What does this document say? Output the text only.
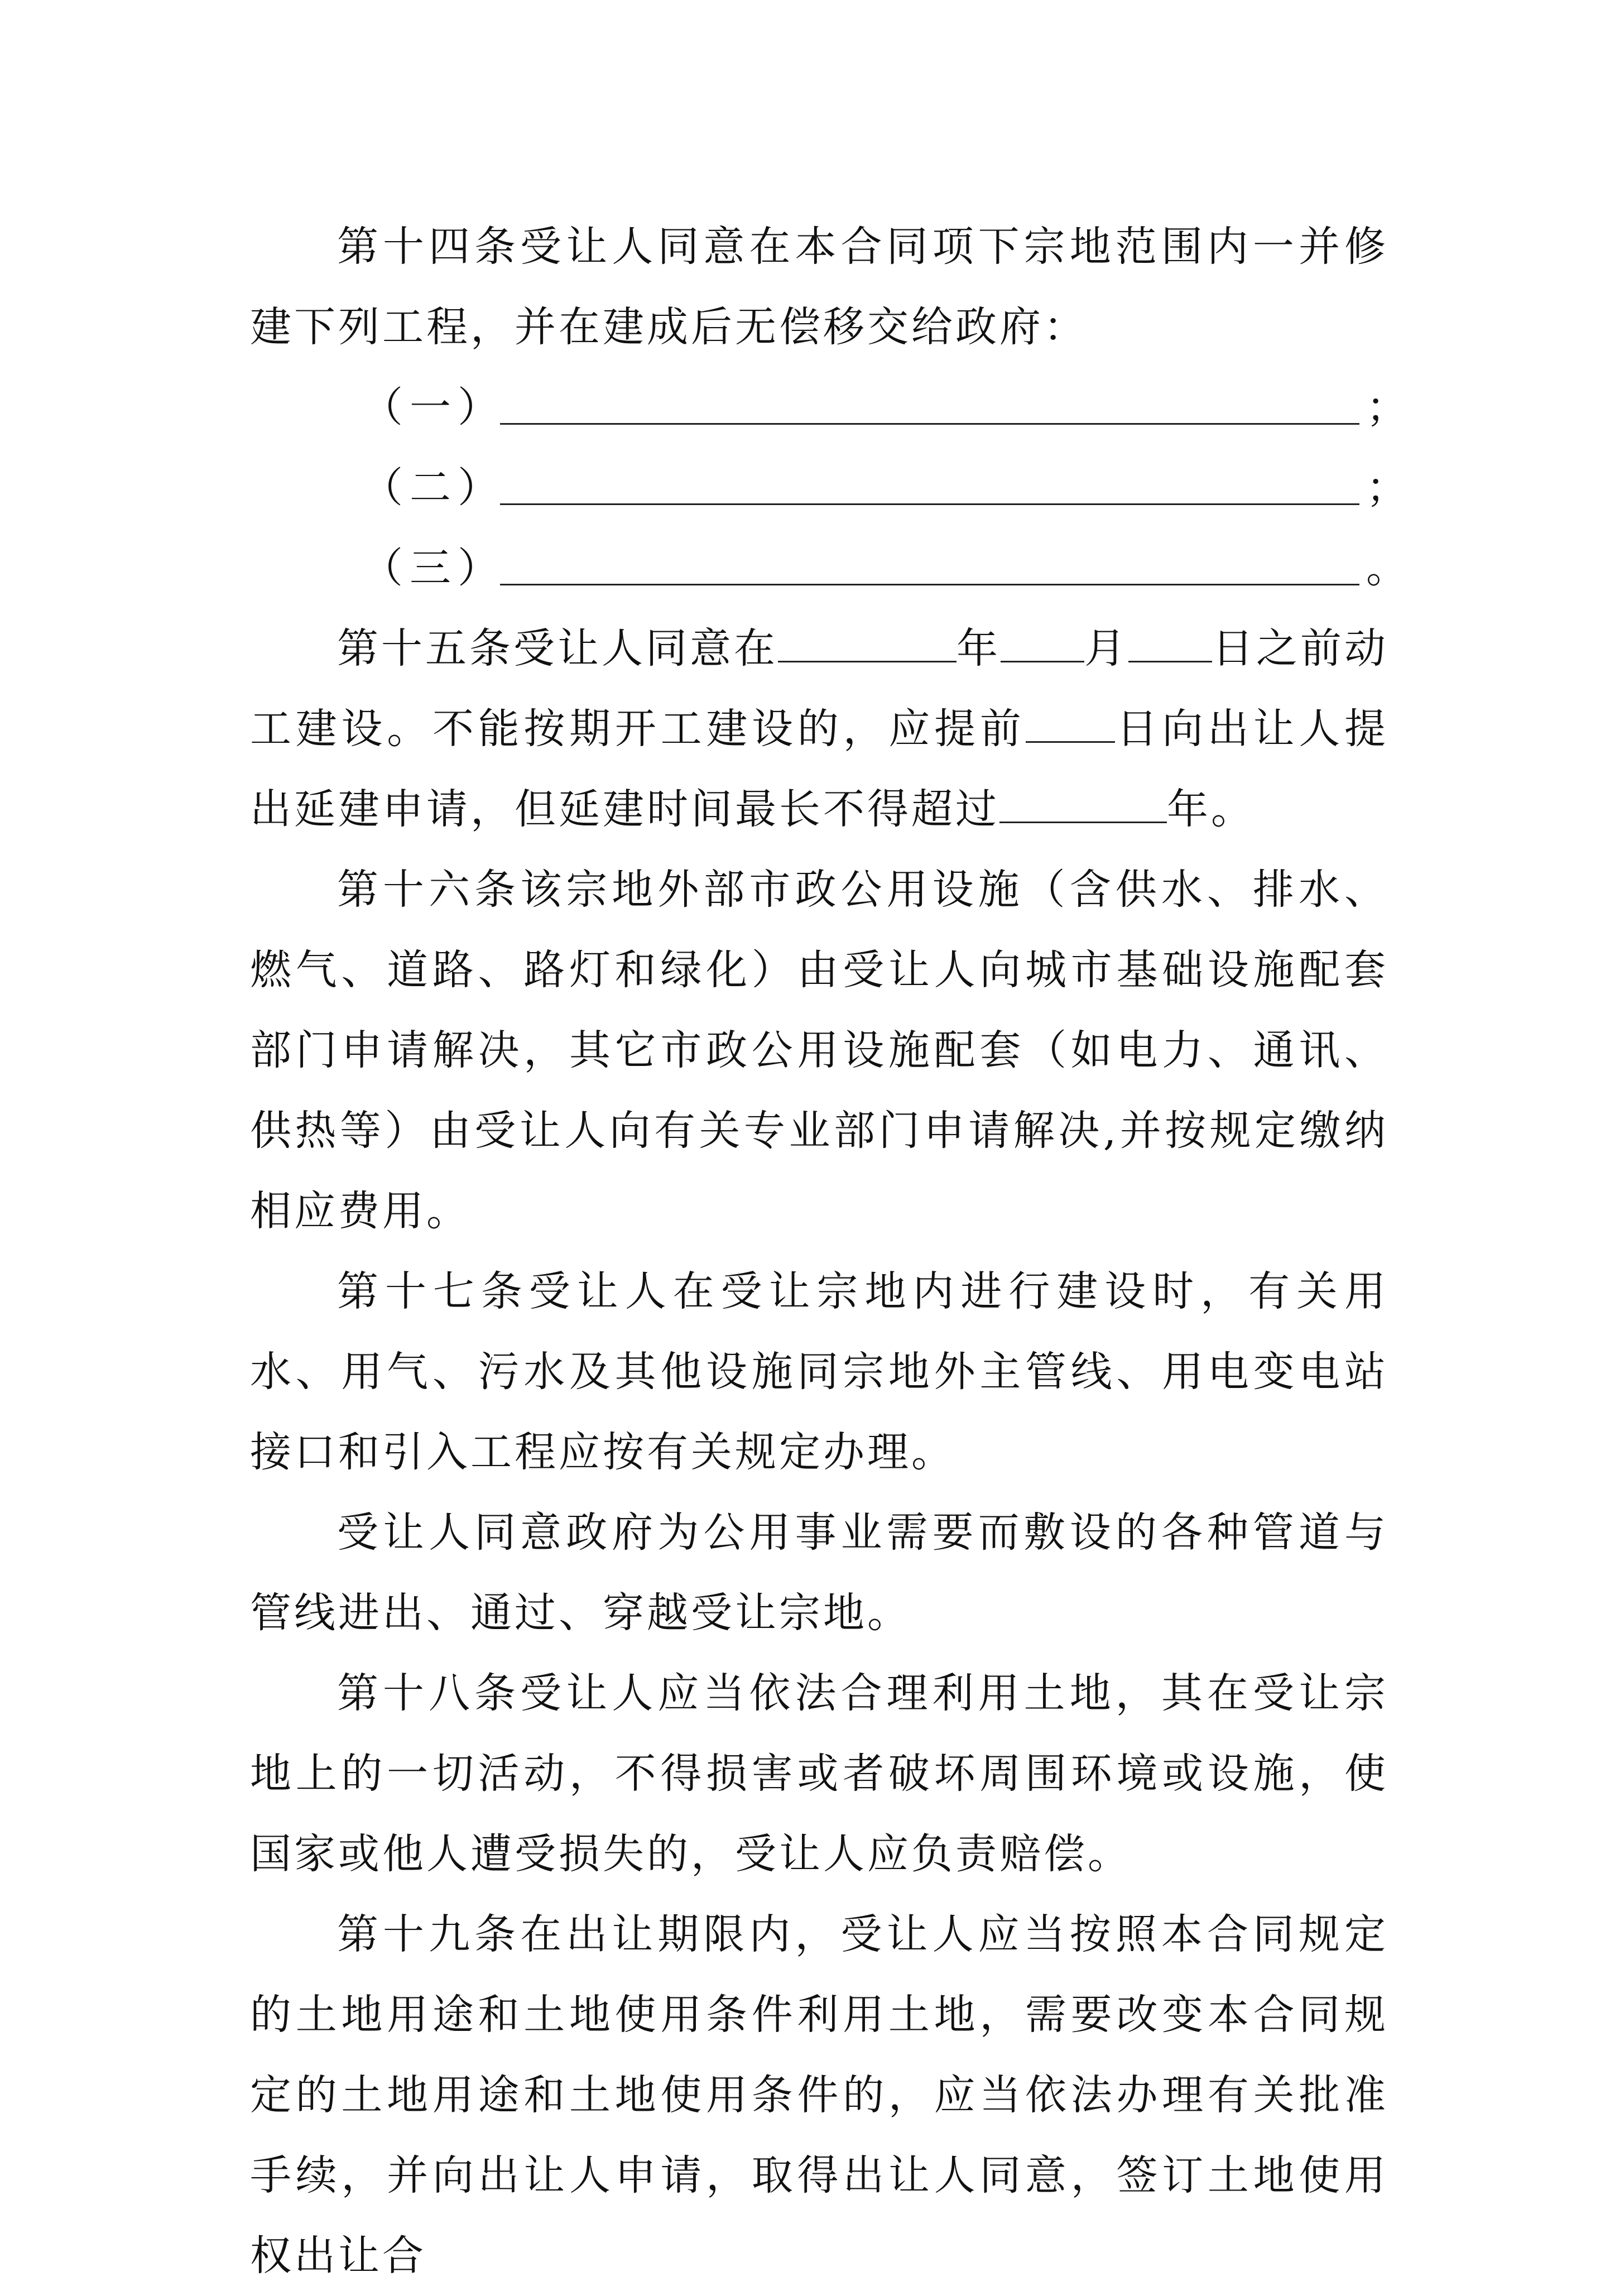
第十四条受让人同意在本合同项下宗地范围内一并修建下列工程，并在建成后无偿移交给政府：

（一）	；
（二）	；
（三）	。

第十五条受让人同意在	年 月 日之前动工建设。不能按期开工建设的，应提前 日向出让人提出延建申请，但延建时间最长不得超过	年。

第十六条该宗地外部市政公用设施（含供水、排水、燃气、道路、路灯和绿化）由受让人向城市基础设施配套部门申请解决，其它市政公用设施配套（如电力、通讯、供热等）由受让人向有关专业部门申请解决,并按规定缴纳相应费用。

第十七条受让人在受让宗地内进行建设时，有关用水、用气、污水及其他设施同宗地外主管线、用电变电站接口和引入工程应按有关规定办理。

受让人同意政府为公用事业需要而敷设的各种管道与管线进出、通过、穿越受让宗地。

第十八条受让人应当依法合理利用土地，其在受让宗地上的一切活动，不得损害或者破坏周围环境或设施，使国家或他人遭受损失的，受让人应负责赔偿。

第十九条在出让期限内，受让人应当按照本合同规定的土地用途和土地使用条件利用土地，需要改变本合同规定的土地用途和土地使用条件的，应当依法办理有关批准手续，并向出让人申请，取得出让人同意，签订土地使用权出让合
